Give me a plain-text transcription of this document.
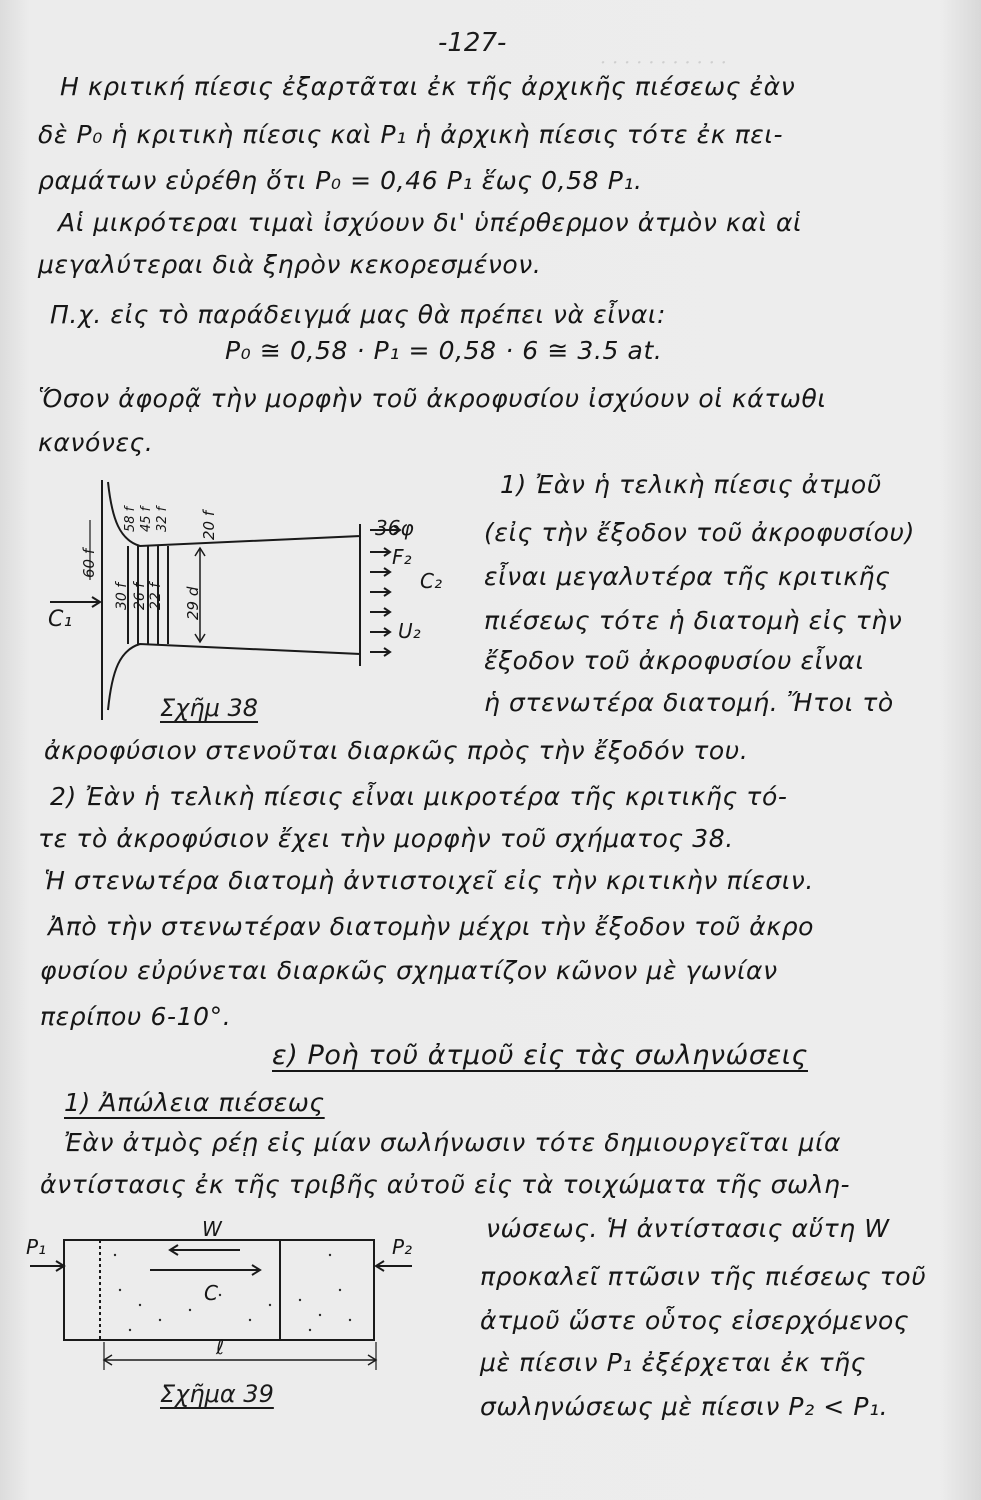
· · · · · · · · · · ·
-127-
Η κριτική πίεσις ἐξαρτᾶται ἐκ τῆς ἀρχικῆς πιέσεως ἐὰν
δὲ P₀ ἡ κριτικὴ πίεσις καὶ P₁ ἡ ἀρχικὴ πίεσις τότε ἐκ πει-
ραμάτων εὑρέθη ὅτι P₀ = 0,46 P₁ ἕως 0,58 P₁.
Αἱ μικρότεραι τιμαὶ ἰσχύουν δι' ὑπέρθερμον ἀτμὸν καὶ αἱ
μεγαλύτεραι διὰ ξηρὸν κεκορεσμένον.
Π.χ. εἰς τὸ παράδειγμά μας θὰ πρέπει νὰ εἶναι:
P₀ ≅ 0,58 · P₁ = 0,58 · 6 ≅ 3.5 at.
Ὅσον ἀφορᾷ τὴν μορφὴν τοῦ ἀκροφυσίου ἰσχύουν οἱ κάτωθι
κανόνες.
C₁
36φ
F₂
C₂
U₂
60 f
30 f 26 f 22 f 29 d
20 f
58 f 45 f 32 f
Σχῆμ 38
1) Ἐὰν ἡ τελικὴ πίεσις ἀτμοῦ
(εἰς τὴν ἔξοδον τοῦ ἀκροφυσίου)
εἶναι μεγαλυτέρα τῆς κριτικῆς
πιέσεως τότε ἡ διατομὴ εἰς τὴν
ἔξοδον τοῦ ἀκροφυσίου εἶναι
ἡ στενωτέρα διατομή. Ἤτοι τὸ
ἀκροφύσιον στενοῦται διαρκῶς πρὸς τὴν ἔξοδόν του.
2) Ἐὰν ἡ τελικὴ πίεσις εἶναι μικροτέρα τῆς κριτικῆς τό-
τε τὸ ἀκροφύσιον ἔχει τὴν μορφὴν τοῦ σχήματος 38.
Ἡ στενωτέρα διατομὴ ἀντιστοιχεῖ εἰς τὴν κριτικὴν πίεσιν.
Ἀπὸ τὴν στενωτέραν διατομὴν μέχρι τὴν ἔξοδον τοῦ ἀκρο
φυσίου εὐρύνεται διαρκῶς σχηματίζον κῶνον μὲ γωνίαν
περίπου 6-10°.
ε) Ροὴ τοῦ ἀτμοῦ εἰς τὰς σωληνώσεις
1) Ἀπώλεια πιέσεως
Ἐὰν ἀτμὸς ρέῃ εἰς μίαν σωλήνωσιν τότε δημιουργεῖται μία
ἀντίστασις ἐκ τῆς τριβῆς αὐτοῦ εἰς τὰ τοιχώματα τῆς σωλη-
W
C
P₁	P₂
ℓ
Σχῆμα 39
νώσεως. Ἡ ἀντίστασις αὕτη W
προκαλεῖ πτῶσιν τῆς πιέσεως τοῦ
ἀτμοῦ ὥστε οὗτος εἰσερχόμενος
μὲ πίεσιν P₁ ἐξέρχεται ἐκ τῆς
σωληνώσεως μὲ πίεσιν P₂ < P₁.
